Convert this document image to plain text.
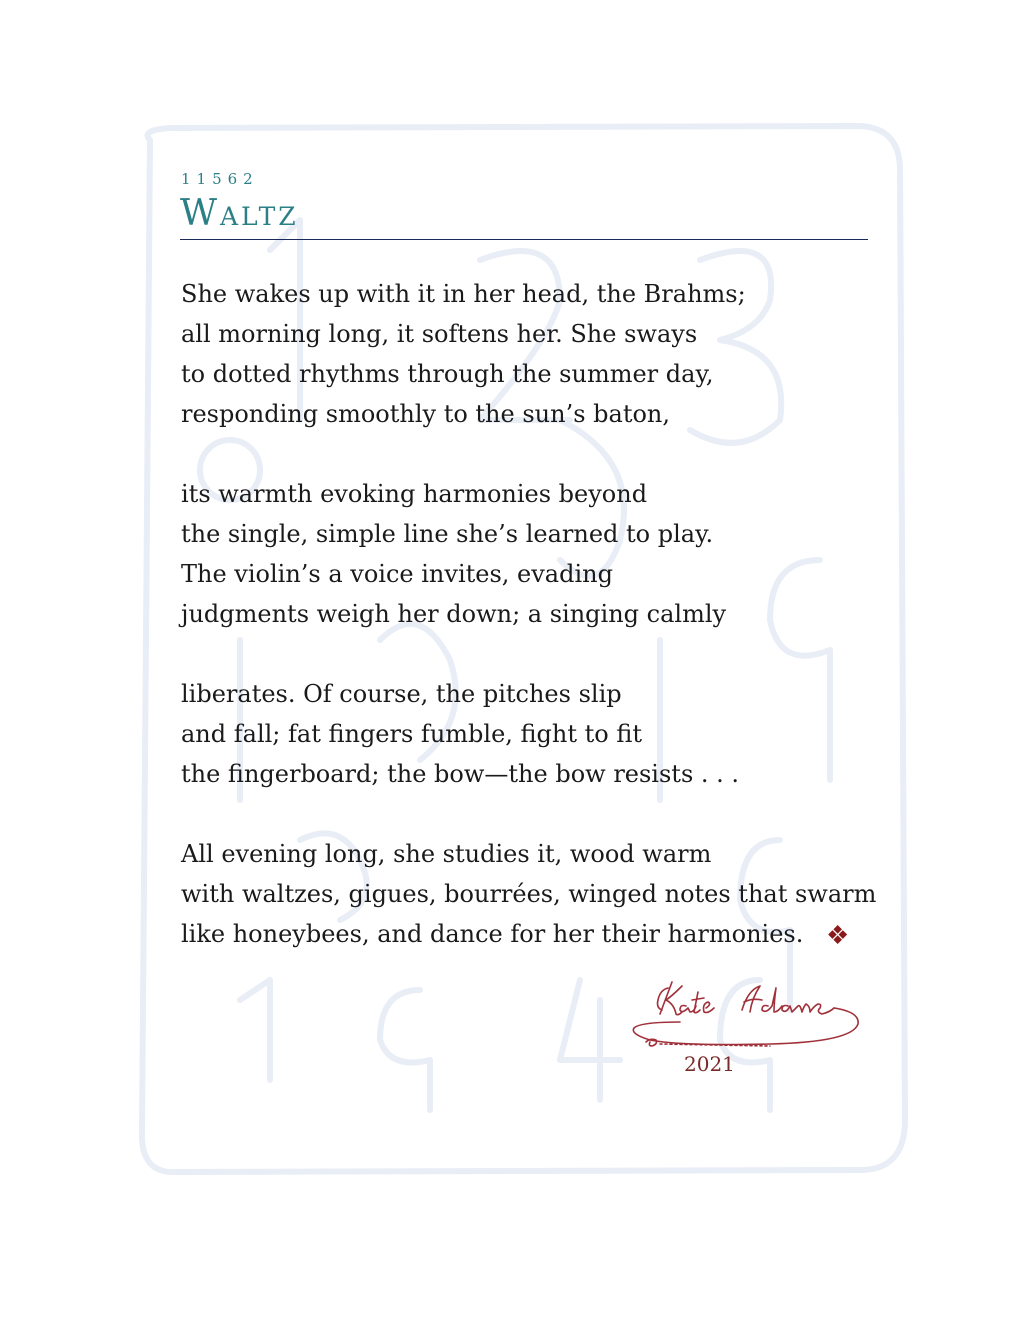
11562
Waltz
She wakes up with it in her head, the Brahms;
all morning long, it softens her. She sways
to dotted rhythms through the summer day,
responding smoothly to the sun’s baton,
its warmth evoking harmonies beyond
the single, simple line she’s learned to play.
The violin’s a voice invites, evading
judgments weigh her down; a singing calmly
liberates. Of course, the pitches slip
and fall; fat fingers fumble, fight to fit
the fingerboard; the bow—the bow resists . . .
All evening long, she studies it, wood warm
with waltzes, gigues, bourrées, winged notes that swarm
like honeybees, and dance for her their harmonies. ❖
2021
